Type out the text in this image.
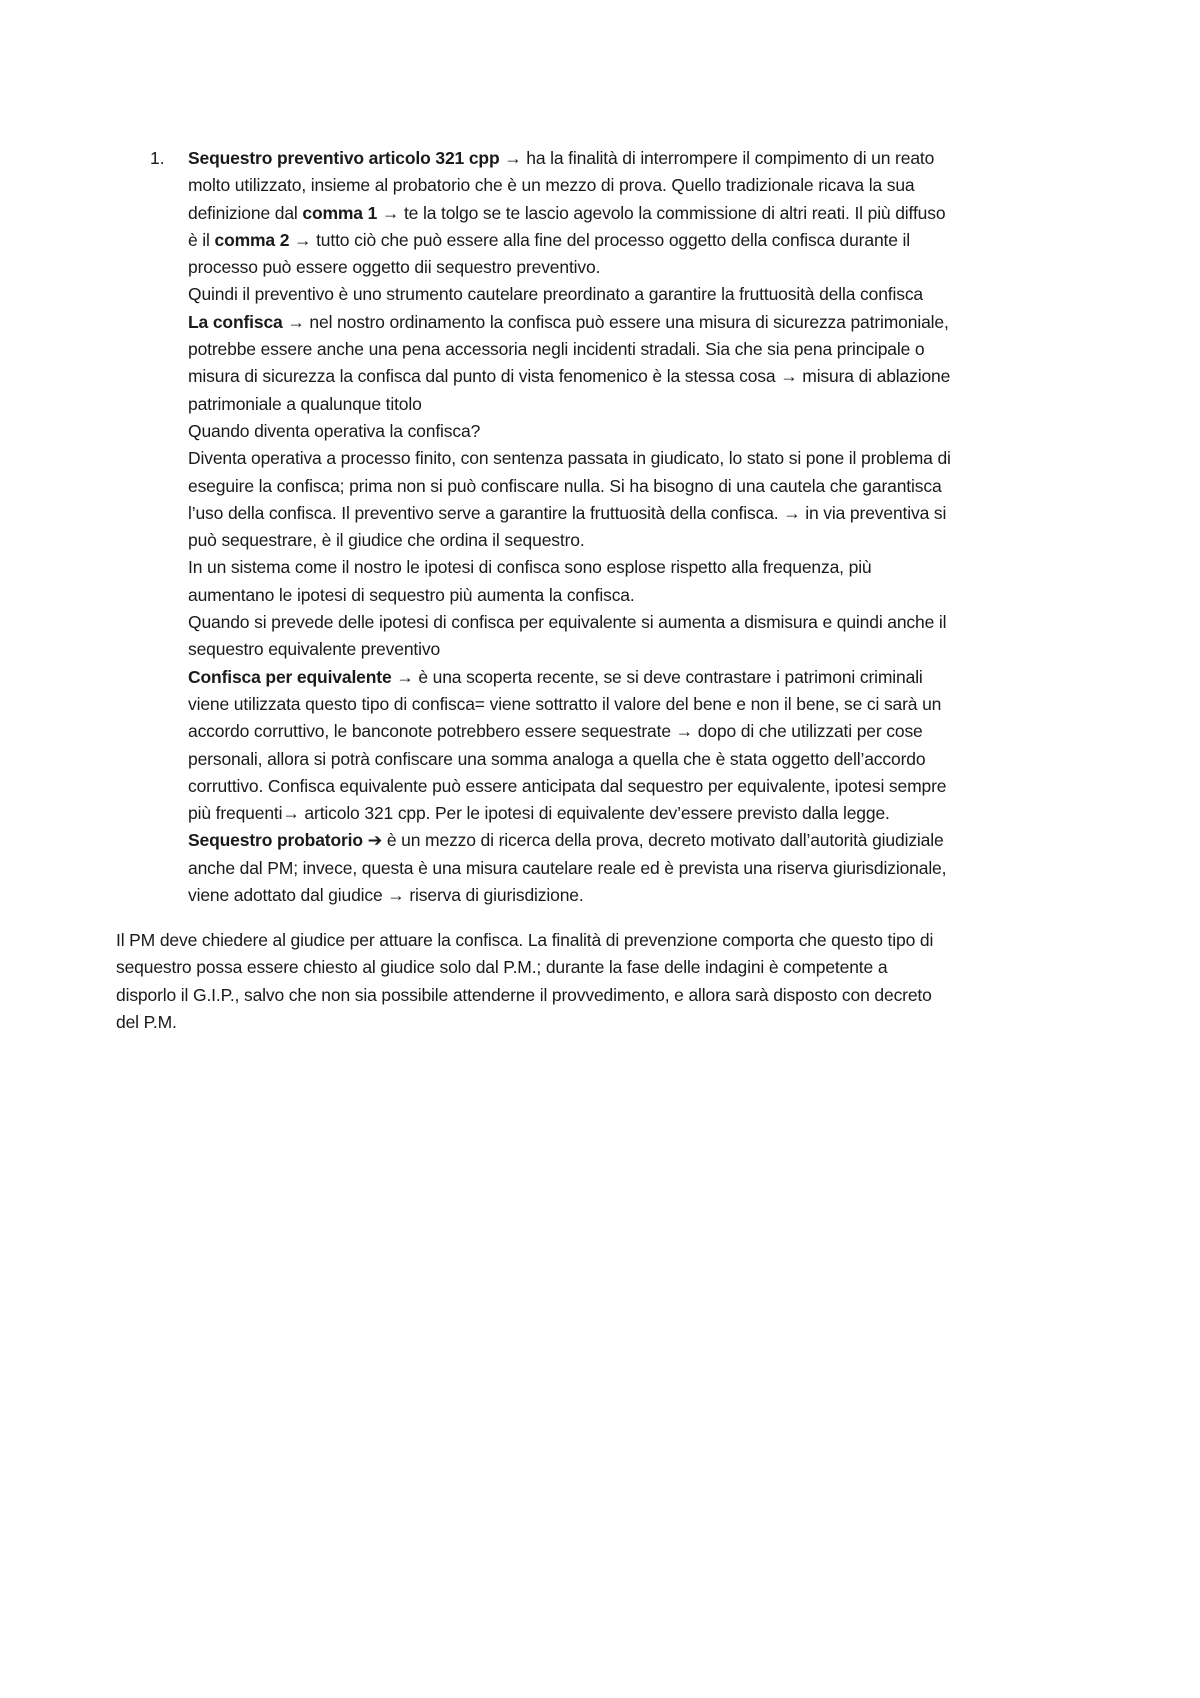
1. Sequestro preventivo articolo 321 cpp → ha la finalità di interrompere il compimento di un reato
molto utilizzato, insieme al probatorio che è un mezzo di prova. Quello tradizionale ricava la sua
definizione dal comma 1 → te la tolgo se te lascio agevolo la commissione di altri reati. Il più diffuso
è il comma 2 → tutto ciò che può essere alla fine del processo oggetto della confisca durante il
processo può essere oggetto dii sequestro preventivo.
Quindi il preventivo è uno strumento cautelare preordinato a garantire la fruttuosità della confisca
La confisca → nel nostro ordinamento la confisca può essere una misura di sicurezza patrimoniale,
potrebbe essere anche una pena accessoria negli incidenti stradali. Sia che sia pena principale o
misura di sicurezza la confisca dal punto di vista fenomenico è la stessa cosa → misura di ablazione
patrimoniale a qualunque titolo
Quando diventa operativa la confisca?
Diventa operativa a processo finito, con sentenza passata in giudicato, lo stato si pone il problema di
eseguire la confisca; prima non si può confiscare nulla. Si ha bisogno di una cautela che garantisca
l’uso della confisca. Il preventivo serve a garantire la fruttuosità della confisca. → in via preventiva si
può sequestrare, è il giudice che ordina il sequestro.
In un sistema come il nostro le ipotesi di confisca sono esplose rispetto alla frequenza, più
aumentano le ipotesi di sequestro più aumenta la confisca.
Quando si prevede delle ipotesi di confisca per equivalente si aumenta a dismisura e quindi anche il
sequestro equivalente preventivo
Confisca per equivalente → è una scoperta recente, se si deve contrastare i patrimoni criminali
viene utilizzata questo tipo di confisca= viene sottratto il valore del bene e non il bene, se ci sarà un
accordo corruttivo, le banconote potrebbero essere sequestrate → dopo di che utilizzati per cose
personali, allora si potrà confiscare una somma analoga a quella che è stata oggetto dell’accordo
corruttivo. Confisca equivalente può essere anticipata dal sequestro per equivalente, ipotesi sempre
più frequenti→ articolo 321 cpp. Per le ipotesi di equivalente dev’essere previsto dalla legge.
Sequestro probatorio ➔ è un mezzo di ricerca della prova, decreto motivato dall’autorità giudiziale
anche dal PM; invece, questa è una misura cautelare reale ed è prevista una riserva giurisdizionale,
viene adottato dal giudice → riserva di giurisdizione.
Il PM deve chiedere al giudice per attuare la confisca. La finalità di prevenzione comporta che questo tipo di
sequestro possa essere chiesto al giudice solo dal P.M.; durante la fase delle indagini è competente a
disporlo il G.I.P., salvo che non sia possibile attenderne il provvedimento, e allora sarà disposto con decreto
del P.M.
